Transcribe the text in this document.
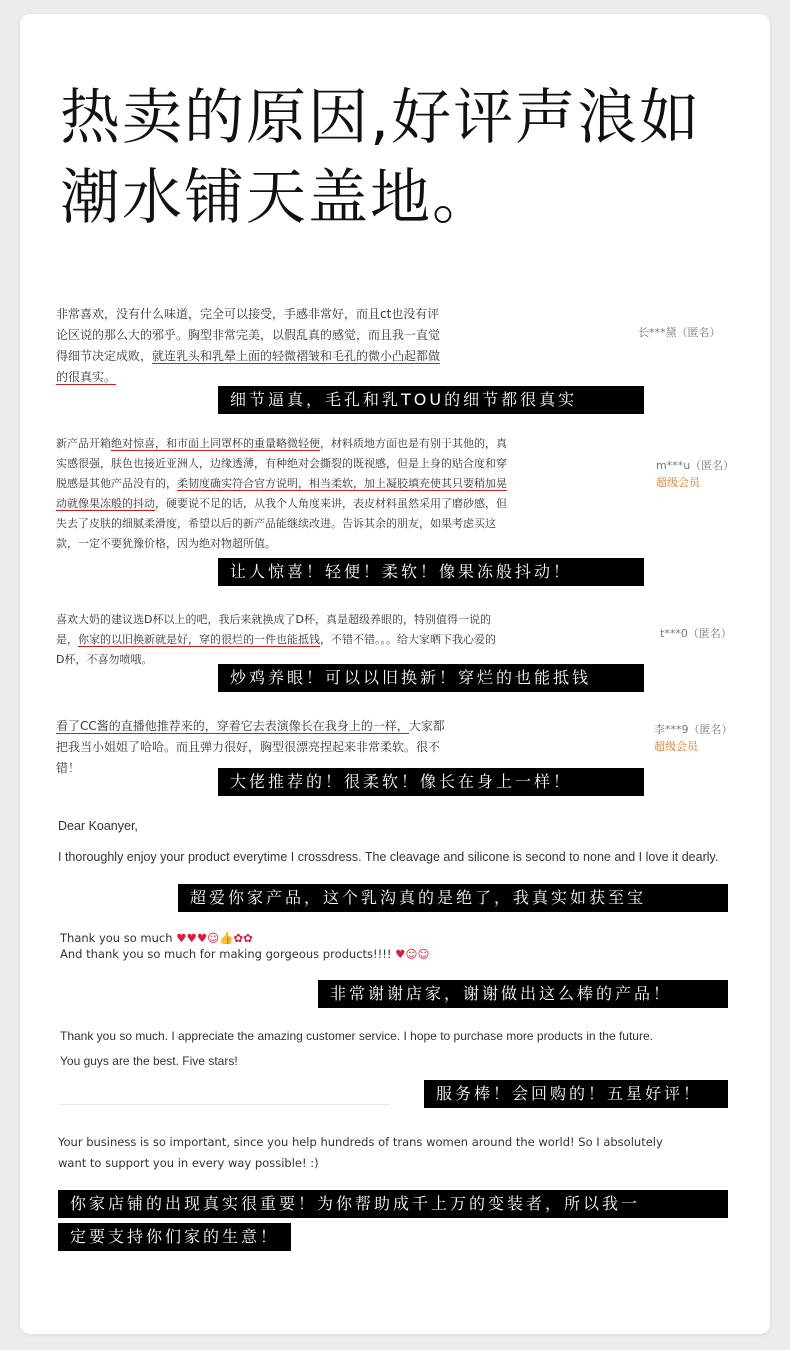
热卖的原因,好评声浪如
潮水铺天盖地。
非常喜欢，没有什么味道，完全可以接受，手感非常好，而且ct也没有评
论区说的那么大的邪乎。胸型非常完美，以假乱真的感觉，而且我一直觉
得细节决定成败，就连乳头和乳晕上面的轻微褶皱和毛孔的微小凸起都做
的很真实。
长***黛（匿名）
细节逼真，毛孔和乳TOU的细节都很真实
新产品开箱绝对惊喜，和市面上同罩杯的重量略微轻便，材料质地方面也是有别于其他的，真
实感很强，肤色也接近亚洲人，边缘透薄，有种绝对会撕裂的既视感，但是上身的贴合度和穿
脱感是其他产品没有的，柔韧度确实符合官方说明，相当柔软，加上凝胶填充使其只要稍加晃
动就像果冻般的抖动，硬要说不足的话，从我个人角度来讲，表皮材料虽然采用了磨砂感，但
失去了皮肤的细腻柔滑度，希望以后的新产品能继续改进。告诉其余的朋友，如果考虑买这
款，一定不要犹豫价格，因为绝对物超所值。
m***u（匿名）
超级会员
让人惊喜！轻便！柔软！像果冻般抖动！
喜欢大奶的建议选D杯以上的吧，我后来就换成了D杯，真是超级养眼的，特别值得一说的
是，你家的以旧换新就是好，穿的很烂的一件也能抵钱，不错不错。。。给大家晒下我心爱的
D杯，不喜勿喷哦。
t***0（匿名）
炒鸡养眼！可以以旧换新！穿烂的也能抵钱
看了CC酱的直播他推荐来的，穿着它去表演像长在我身上的一样，大家都
把我当小姐姐了哈哈。而且弹力很好，胸型很漂亮捏起来非常柔软。很不
错！
李***9（匿名）
超级会员
大佬推荐的！很柔软！像长在身上一样！
Dear Koanyer,
I thoroughly enjoy your product everytime I crossdress. The cleavage and silicone is second to none and I love it dearly.
超爱你家产品，这个乳沟真的是绝了，我真实如获至宝
Thank you so much ♥♥♥☺👍✿✿
And thank you so much for making gorgeous products!!!! ♥☺☺
非常谢谢店家，谢谢做出这么棒的产品！
Thank you so much. I appreciate the amazing customer service. I hope to purchase more products in the future.
You guys are the best. Five stars!
服务棒！会回购的！五星好评！
Your business is so important, since you help hundreds of trans women around the world! So I absolutely
want to support you in every way possible! :)
你家店铺的出现真实很重要！为你帮助成千上万的变装者，所以我一
定要支持你们家的生意！
